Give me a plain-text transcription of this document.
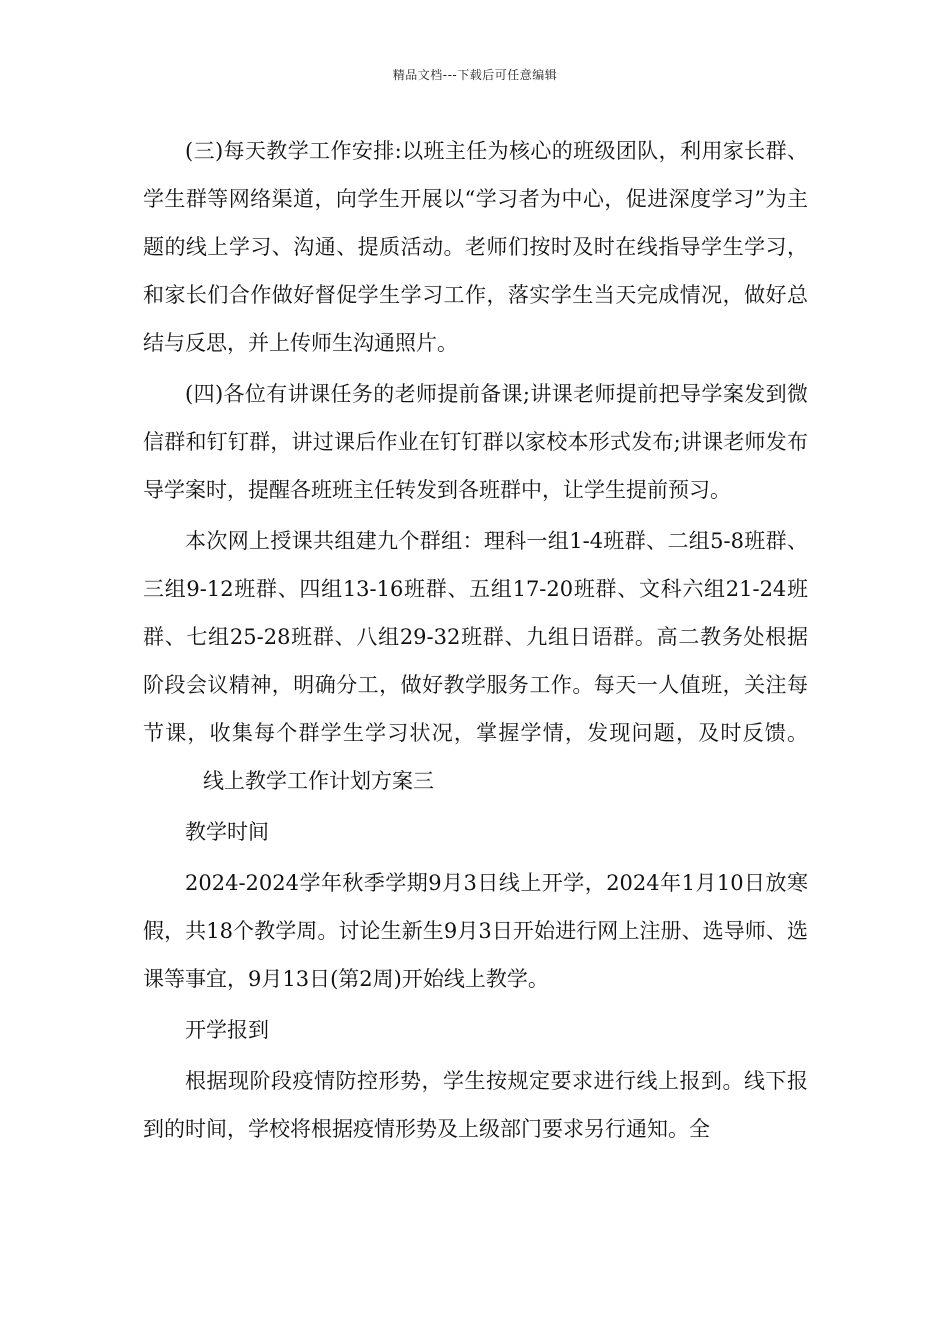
精品文档---下载后可任意编辑

(三)每天教学工作安排:以班主任为核心的班级团队，利用家长群、学生群等网络渠道，向学生开展以“学习者为中心，促进深度学习”为主题的线上学习、沟通、提质活动。老师们按时及时在线指导学生学习，和家长们合作做好督促学生学习工作，落实学生当天完成情况，做好总结与反思，并上传师生沟通照片。

(四)各位有讲课任务的老师提前备课;讲课老师提前把导学案发到微信群和钉钉群，讲过课后作业在钉钉群以家校本形式发布;讲课老师发布导学案时，提醒各班班主任转发到各班群中，让学生提前预习。

本次网上授课共组建九个群组：理科一组1-4班群、二组5-8班群、三组9-12班群、四组13-16班群、五组17-20班群、文科六组21-24班群、七组25-28班群、八组29-32班群、九组日语群。高二教务处根据阶段会议精神，明确分工，做好教学服务工作。每天一人值班，关注每节课，收集每个群学生学习状况，掌握学情，发现问题，及时反馈。线上教学工作计划方案三

教学时间

2024-2024学年秋季学期9月3日线上开学，2024年1月10日放寒假，共18个教学周。讨论生新生9月3日开始进行网上注册、选导师、选课等事宜，9月13日(第2周)开始线上教学。

开学报到

根据现阶段疫情防控形势，学生按规定要求进行线上报到。线下报到的时间，学校将根据疫情形势及上级部门要求另行通知。全
